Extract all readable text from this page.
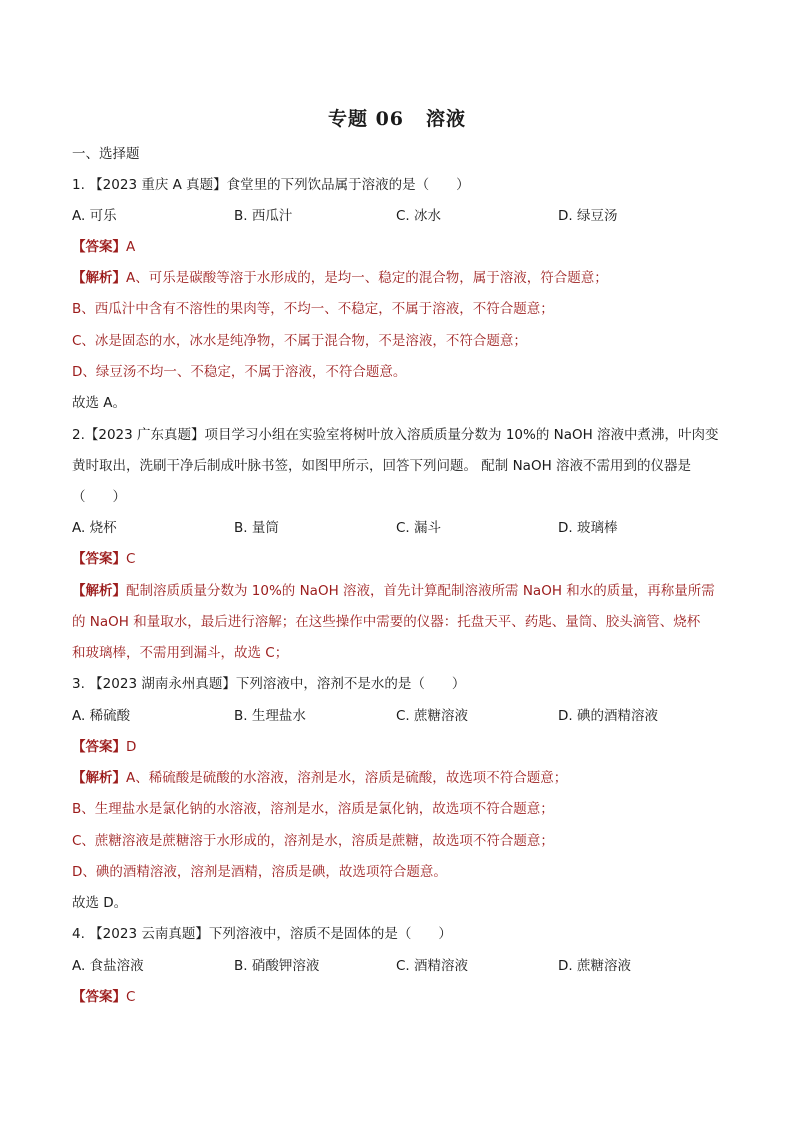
专题 06 溶液
一、选择题
1. 【2023 重庆 A 真题】食堂里的下列饮品属于溶液的是（　　）
A. 可乐	B. 西瓜汁	C. 冰水	D. 绿豆汤
【答案】A
【解析】A、可乐是碳酸等溶于水形成的，是均一、稳定的混合物，属于溶液，符合题意；
B、西瓜汁中含有不溶性的果肉等，不均一、不稳定，不属于溶液，不符合题意；
C、冰是固态的水，冰水是纯净物，不属于混合物，不是溶液，不符合题意；
D、绿豆汤不均一、不稳定，不属于溶液，不符合题意。
故选 A。
2.【2023 广东真题】项目学习小组在实验室将树叶放入溶质质量分数为 10%的 NaOH 溶液中煮沸，叶肉变
黄时取出，洗刷干净后制成叶脉书签，如图甲所示，回答下列问题。 配制 NaOH 溶液不需用到的仪器是
（　　）
A. 烧杯	B. 量筒	C. 漏斗	D. 玻璃棒
【答案】C
【解析】配制溶质质量分数为 10%的 NaOH 溶液，首先计算配制溶液所需 NaOH 和水的质量，再称量所需
的 NaOH 和量取水，最后进行溶解；在这些操作中需要的仪器：托盘天平、药匙、量筒、胶头滴管、烧杯
和玻璃棒，不需用到漏斗，故选 C；
3. 【2023 湖南永州真题】下列溶液中，溶剂不是水的是（　　）
A. 稀硫酸	B. 生理盐水	C. 蔗糖溶液	D. 碘的酒精溶液
【答案】D
【解析】A、稀硫酸是硫酸的水溶液，溶剂是水，溶质是硫酸，故选项不符合题意；
B、生理盐水是氯化钠的水溶液，溶剂是水，溶质是氯化钠，故选项不符合题意；
C、蔗糖溶液是蔗糖溶于水形成的，溶剂是水，溶质是蔗糖，故选项不符合题意；
D、碘的酒精溶液，溶剂是酒精，溶质是碘，故选项符合题意。
故选 D。
4. 【2023 云南真题】下列溶液中，溶质不是固体的是（　　）
A. 食盐溶液	B. 硝酸钾溶液	C. 酒精溶液	D. 蔗糖溶液
【答案】C
